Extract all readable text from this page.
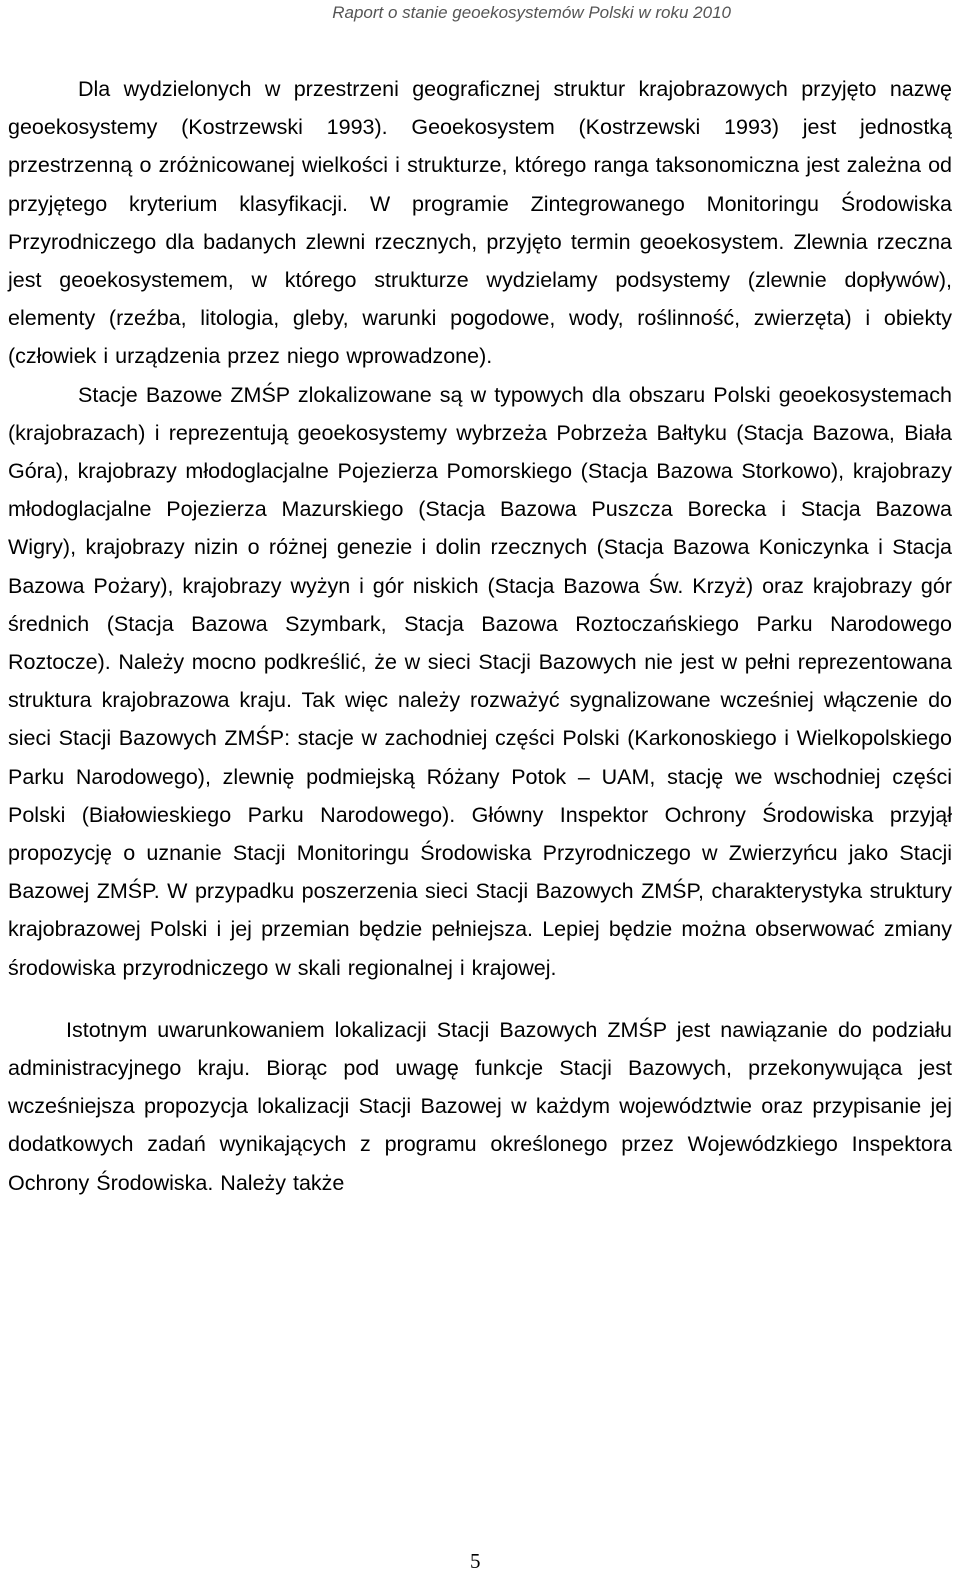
Raport o stanie geoekosystemów Polski w roku 2010

Dla wydzielonych w przestrzeni geograficznej struktur krajobrazowych przyjęto nazwę geoekosystemy (Kostrzewski 1993). Geoekosystem (Kostrzewski 1993) jest jednostką przestrzenną o zróżnicowanej wielkości i strukturze, którego ranga taksonomiczna jest zależna od przyjętego kryterium klasyfikacji. W programie Zintegrowanego Monitoringu Środowiska Przyrodniczego dla badanych zlewni rzecznych, przyjęto termin geoekosystem. Zlewnia rzeczna jest geoekosystemem, w którego strukturze wydzielamy podsystemy (zlewnie dopływów), elementy (rzeźba, litologia, gleby, warunki pogodowe, wody, roślinność, zwierzęta) i obiekty (człowiek i urządzenia przez niego wprowadzone).

Stacje Bazowe ZMŚP zlokalizowane są w typowych dla obszaru Polski geoekosystemach (krajobrazach) i reprezentują geoekosystemy wybrzeża Pobrzeża Bałtyku (Stacja Bazowa, Biała Góra), krajobrazy młodoglacjalne Pojezierza Pomorskiego (Stacja Bazowa Storkowo), krajobrazy młodoglacjalne Pojezierza Mazurskiego (Stacja Bazowa Puszcza Borecka i Stacja Bazowa Wigry), krajobrazy nizin o różnej genezie i dolin rzecznych (Stacja Bazowa Koniczynka i Stacja Bazowa Pożary), krajobrazy wyżyn i gór niskich (Stacja Bazowa Św. Krzyż) oraz krajobrazy gór średnich (Stacja Bazowa Szymbark, Stacja Bazowa Roztoczańskiego Parku Narodowego Roztocze). Należy mocno podkreślić, że w sieci Stacji Bazowych nie jest w pełni reprezentowana struktura krajobrazowa kraju. Tak więc należy rozważyć sygnalizowane wcześniej włączenie do sieci Stacji Bazowych ZMŚP: stacje w zachodniej części Polski (Karkonoskiego i Wielkopolskiego Parku Narodowego), zlewnię podmiejską Różany Potok – UAM, stację we wschodniej części Polski (Białowieskiego Parku Narodowego). Główny Inspektor Ochrony Środowiska przyjął propozycję o uznanie Stacji Monitoringu Środowiska Przyrodniczego w Zwierzyńcu jako Stacji Bazowej ZMŚP. W przypadku poszerzenia sieci Stacji Bazowych ZMŚP, charakterystyka struktury krajobrazowej Polski i jej przemian będzie pełniejsza. Lepiej będzie można obserwować zmiany środowiska przyrodniczego w skali regionalnej i krajowej.

Istotnym uwarunkowaniem lokalizacji Stacji Bazowych ZMŚP jest nawiązanie do podziału administracyjnego kraju. Biorąc pod uwagę funkcje Stacji Bazowych, przekonywująca jest wcześniejsza propozycja lokalizacji Stacji Bazowej w każdym województwie oraz przypisanie jej dodatkowych zadań wynikających z programu określonego przez Wojewódzkiego Inspektora Ochrony Środowiska. Należy także

5
